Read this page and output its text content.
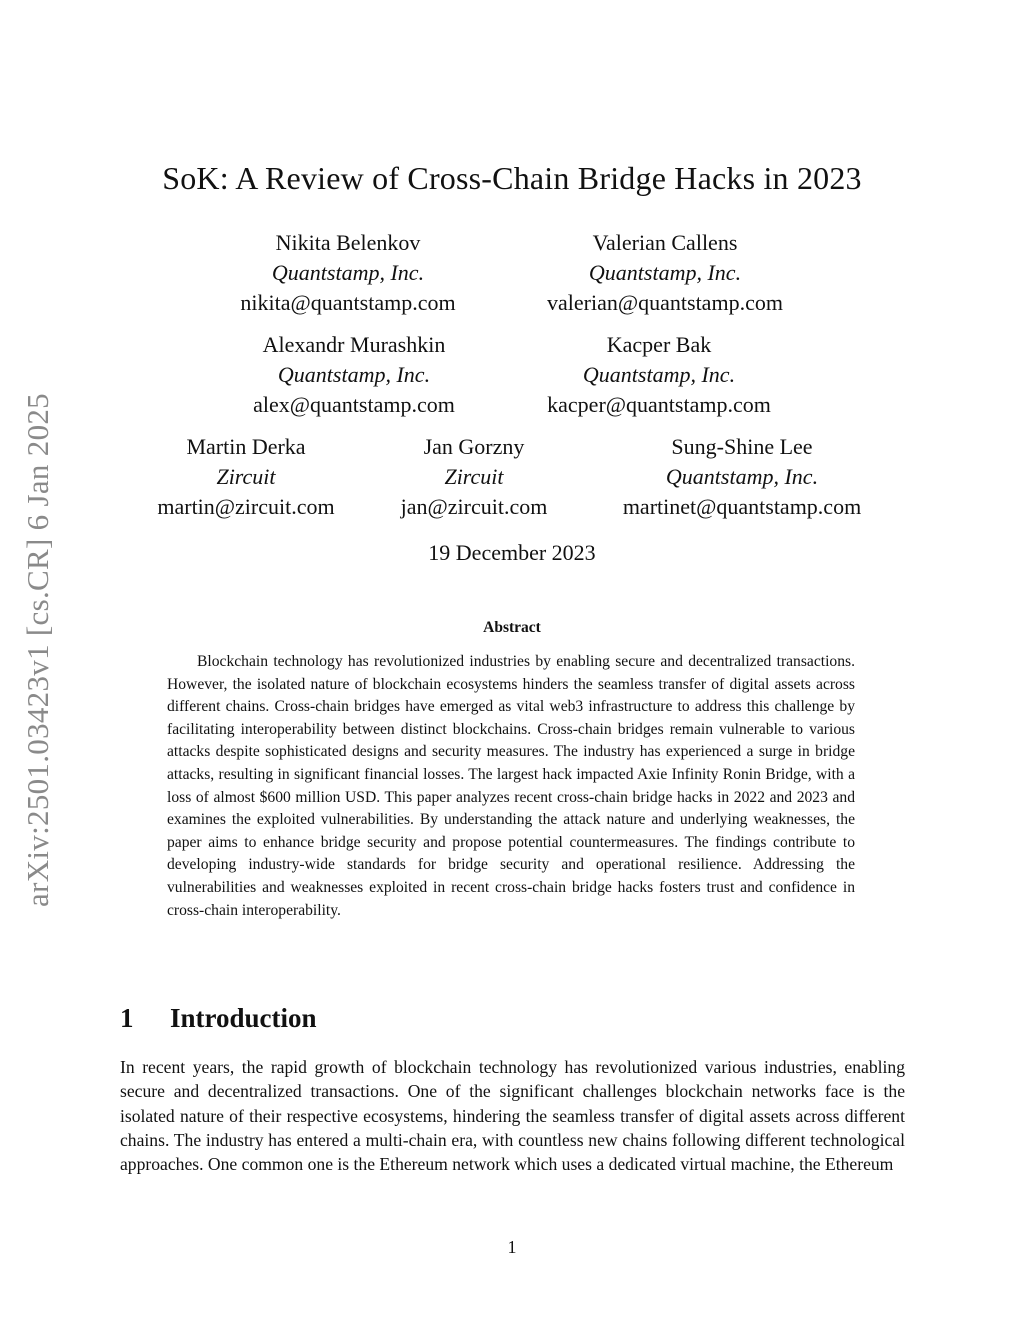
arXiv:2501.03423v1 [cs.CR] 6 Jan 2025
SoK: A Review of Cross-Chain Bridge Hacks in 2023
Nikita Belenkov
Quantstamp, Inc.
nikita@quantstamp.com
Valerian Callens
Quantstamp, Inc.
valerian@quantstamp.com
Alexandr Murashkin
Quantstamp, Inc.
alex@quantstamp.com
Kacper Bak
Quantstamp, Inc.
kacper@quantstamp.com
Martin Derka
Zircuit
martin@zircuit.com
Jan Gorzny
Zircuit
jan@zircuit.com
Sung-Shine Lee
Quantstamp, Inc.
martinet@quantstamp.com
19 December 2023
Abstract
Blockchain technology has revolutionized industries by enabling secure and decentralized transactions. However, the isolated nature of blockchain ecosystems hinders the seamless transfer of digital assets across different chains. Cross-chain bridges have emerged as vital web3 infrastructure to address this challenge by facilitating interoperability between distinct blockchains. Cross-chain bridges remain vulnerable to various attacks despite sophisticated designs and security measures. The industry has experienced a surge in bridge attacks, resulting in significant financial losses. The largest hack impacted Axie Infinity Ronin Bridge, with a loss of almost $600 million USD. This paper analyzes recent cross-chain bridge hacks in 2022 and 2023 and examines the exploited vulnerabilities. By understanding the attack nature and underlying weaknesses, the paper aims to enhance bridge security and propose potential countermeasures. The findings contribute to developing industry-wide standards for bridge security and operational resilience. Addressing the vulnerabilities and weaknesses exploited in recent cross-chain bridge hacks fosters trust and confidence in cross-chain interoperability.
1 Introduction
In recent years, the rapid growth of blockchain technology has revolutionized various industries, enabling secure and decentralized transactions. One of the significant challenges blockchain networks face is the isolated nature of their respective ecosystems, hindering the seamless transfer of digital assets across different chains. The industry has entered a multi-chain era, with countless new chains following different technological approaches. One common one is the Ethereum network which uses a dedicated virtual machine, the Ethereum
1
